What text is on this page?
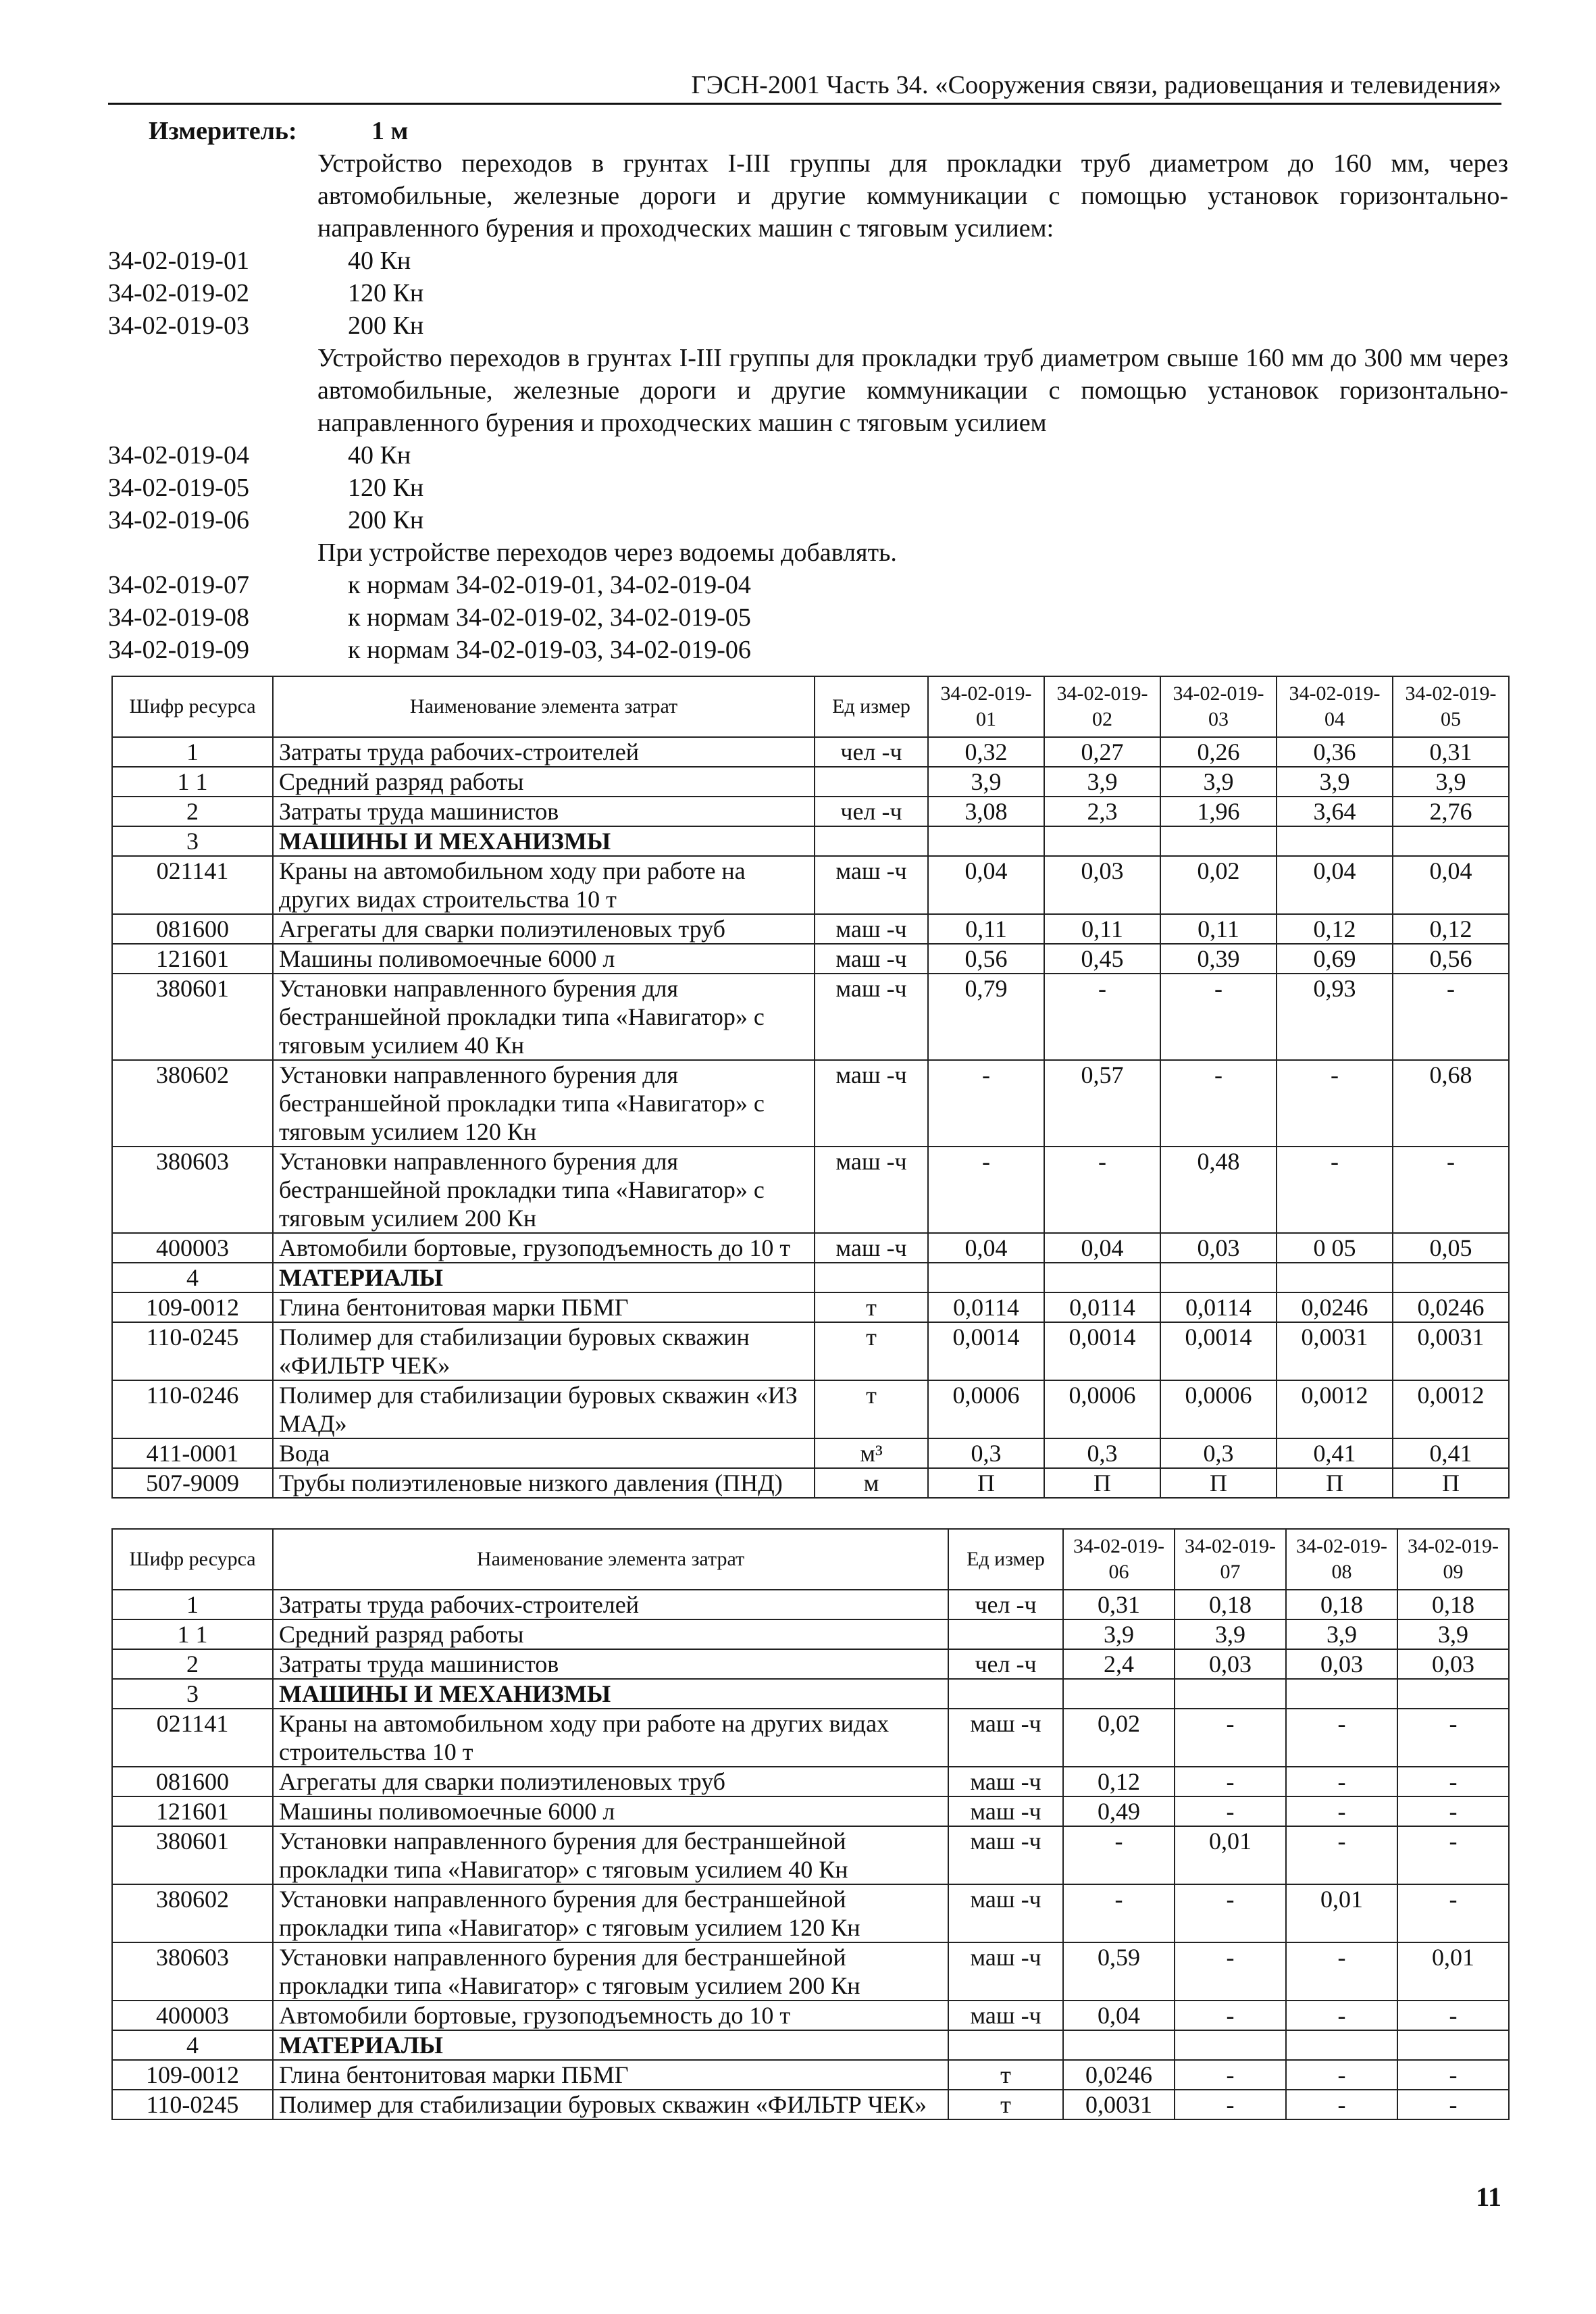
ГЭСН-2001 Часть 34. «Сооружения связи, радиовещания и телевидения»
Измеритель:	1 м
Устройство переходов в грунтах I-III группы для прокладки труб диаметром до 160 мм, через автомобильные, железные дороги и другие коммуникации с помощью установок горизонтально-направленного бурения и проходческих машин с тяговым усилием:
34-02-019-01	40 Кн
34-02-019-02	120 Кн
34-02-019-03	200 Кн
Устройство переходов в грунтах I-III группы для прокладки труб диаметром свыше 160 мм до 300 мм через автомобильные, железные дороги и другие коммуникации с помощью установок горизонтально-направленного бурения и проходческих машин с тяговым усилием
34-02-019-04	40 Кн
34-02-019-05	120 Кн
34-02-019-06	200 Кн
При устройстве переходов через водоемы добавлять.
34-02-019-07	к нормам 34-02-019-01, 34-02-019-04
34-02-019-08	к нормам 34-02-019-02, 34-02-019-05
34-02-019-09	к нормам 34-02-019-03, 34-02-019-06
Шифр ресурса	Наименование элемента затрат	Ед измер	34-02-019-01	34-02-019-02	34-02-019-03	34-02-019-04	34-02-019-05
1	Затраты труда рабочих-строителей	чел -ч	0,32	0,27	0,26	0,36	0,31
1 1	Средний разряд работы		3,9	3,9	3,9	3,9	3,9
2	Затраты труда машинистов	чел -ч	3,08	2,3	1,96	3,64	2,76
3	МАШИНЫ И МЕХАНИЗМЫ						
021141	Краны на автомобильном ходу при работе на других видах строительства 10 т	маш -ч	0,04	0,03	0,02	0,04	0,04
081600	Агрегаты для сварки полиэтиленовых труб	маш -ч	0,11	0,11	0,11	0,12	0,12
121601	Машины поливомоечные 6000 л	маш -ч	0,56	0,45	0,39	0,69	0,56
380601	Установки направленного бурения для бестраншейной прокладки типа «Навигатор» с тяговым усилием 40 Кн	маш -ч	0,79	-	-	0,93	-
380602	Установки направленного бурения для бестраншейной прокладки типа «Навигатор» с тяговым усилием 120 Кн	маш -ч	-	0,57	-	-	0,68
380603	Установки направленного бурения для бестраншейной прокладки типа «Навигатор» с тяговым усилием 200 Кн	маш -ч	-	-	0,48	-	-
400003	Автомобили бортовые, грузоподъемность до 10 т	маш -ч	0,04	0,04	0,03	0 05	0,05
4	МАТЕРИАЛЫ						
109-0012	Глина бентонитовая марки ПБМГ	т	0,0114	0,0114	0,0114	0,0246	0,0246
110-0245	Полимер для стабилизации буровых скважин «ФИЛЬТР ЧЕК»	т	0,0014	0,0014	0,0014	0,0031	0,0031
110-0246	Полимер для стабилизации буровых скважин «ИЗ МАД»	т	0,0006	0,0006	0,0006	0,0012	0,0012
411-0001	Вода	м³	0,3	0,3	0,3	0,41	0,41
507-9009	Трубы полиэтиленовые низкого давления (ПНД)	м	П	П	П	П	П
Шифр ресурса	Наименование элемента затрат	Ед измер	34-02-019-06	34-02-019-07	34-02-019-08	34-02-019-09
1	Затраты труда рабочих-строителей	чел -ч	0,31	0,18	0,18	0,18
1 1	Средний разряд работы		3,9	3,9	3,9	3,9
2	Затраты труда машинистов	чел -ч	2,4	0,03	0,03	0,03
3	МАШИНЫ И МЕХАНИЗМЫ					
021141	Краны на автомобильном ходу при работе на других видах строительства 10 т	маш -ч	0,02	-	-	-
081600	Агрегаты для сварки полиэтиленовых труб	маш -ч	0,12	-	-	-
121601	Машины поливомоечные 6000 л	маш -ч	0,49	-	-	-
380601	Установки направленного бурения для бестраншейной прокладки типа «Навигатор» с тяговым усилием 40 Кн	маш -ч	-	0,01	-	-
380602	Установки направленного бурения для бестраншейной прокладки типа «Навигатор» с тяговым усилием 120 Кн	маш -ч	-	-	0,01	-
380603	Установки направленного бурения для бестраншейной прокладки типа «Навигатор» с тяговым усилием 200 Кн	маш -ч	0,59	-	-	0,01
400003	Автомобили бортовые, грузоподъемность до 10 т	маш -ч	0,04	-	-	-
4	МАТЕРИАЛЫ					
109-0012	Глина бентонитовая марки ПБМГ	т	0,0246	-	-	-
110-0245	Полимер для стабилизации буровых скважин «ФИЛЬТР ЧЕК»	т	0,0031	-	-	-
11
